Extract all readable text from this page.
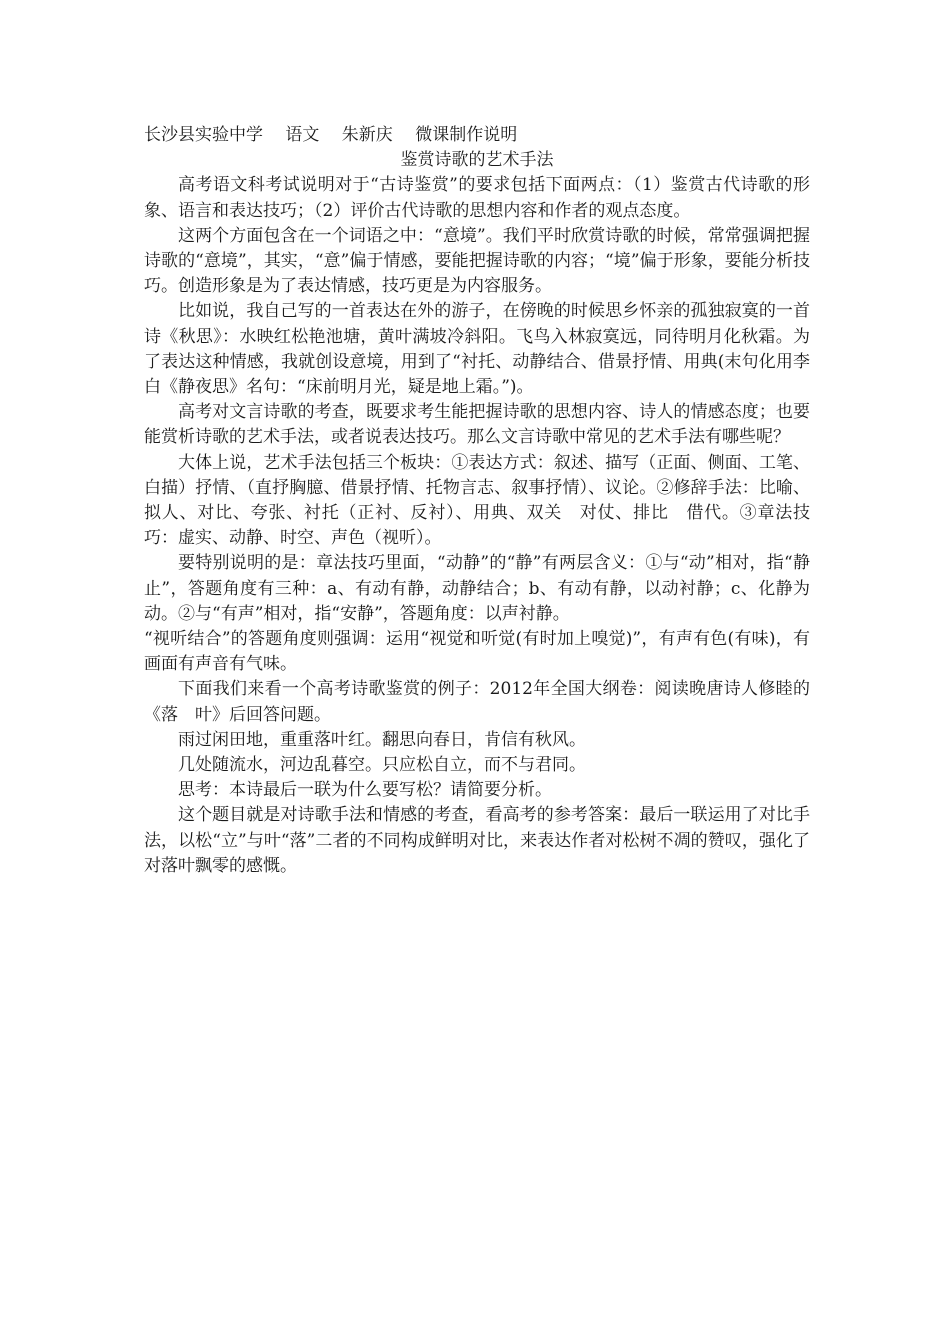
长沙县实验中学　 语文　 朱新庆　 微课制作说明

鉴赏诗歌的艺术手法

高考语文科考试说明对于“古诗鉴赏”的要求包括下面两点：（1）鉴赏古代诗歌的形象、语言和表达技巧；（2）评价古代诗歌的思想内容和作者的观点态度。

这两个方面包含在一个词语之中：“意境”。我们平时欣赏诗歌的时候，常常强调把握诗歌的“意境”，其实，“意”偏于情感，要能把握诗歌的内容；“境”偏于形象，要能分析技巧。创造形象是为了表达情感，技巧更是为内容服务。

比如说，我自己写的一首表达在外的游子，在傍晚的时候思乡怀亲的孤独寂寞的一首诗《秋思》：水映红松艳池塘，黄叶满坡冷斜阳。飞鸟入林寂寞远，同待明月化秋霜。为了表达这种情感，我就创设意境，用到了“衬托、动静结合、借景抒情、用典(末句化用李白《静夜思》名句：“床前明月光，疑是地上霜。”)。

高考对文言诗歌的考查，既要求考生能把握诗歌的思想内容、诗人的情感态度；也要能赏析诗歌的艺术手法，或者说表达技巧。那么文言诗歌中常见的艺术手法有哪些呢？

大体上说，艺术手法包括三个板块：①表达方式：叙述、描写（正面、侧面、工笔、白描）抒情、（直抒胸臆、借景抒情、托物言志、叙事抒情）、议论。②修辞手法：比喻、拟人、对比、夸张、衬托（正衬、反衬）、用典、双关　对仗、排比　借代。③章法技巧：虚实、动静、时空、声色（视听）。

要特别说明的是：章法技巧里面，“动静”的“静”有两层含义：①与“动”相对，指“静止”，答题角度有三种：a、有动有静，动静结合；b、有动有静，以动衬静；c、化静为动。②与“有声”相对，指“安静”，答题角度：以声衬静。

“视听结合”的答题角度则强调：运用“视觉和听觉(有时加上嗅觉)”，有声有色(有味)，有画面有声音有气味。

下面我们来看一个高考诗歌鉴赏的例子：2012年全国大纲卷：阅读晚唐诗人修睦的《落　叶》后回答问题。

雨过闲田地，重重落叶红。翻思向春日，肯信有秋风。

几处随流水，河边乱暮空。只应松自立，而不与君同。

思考：本诗最后一联为什么要写松？请简要分析。

这个题目就是对诗歌手法和情感的考查，看高考的参考答案：最后一联运用了对比手法，以松“立”与叶“落”二者的不同构成鲜明对比，来表达作者对松树不凋的赞叹，强化了对落叶飘零的感慨。
